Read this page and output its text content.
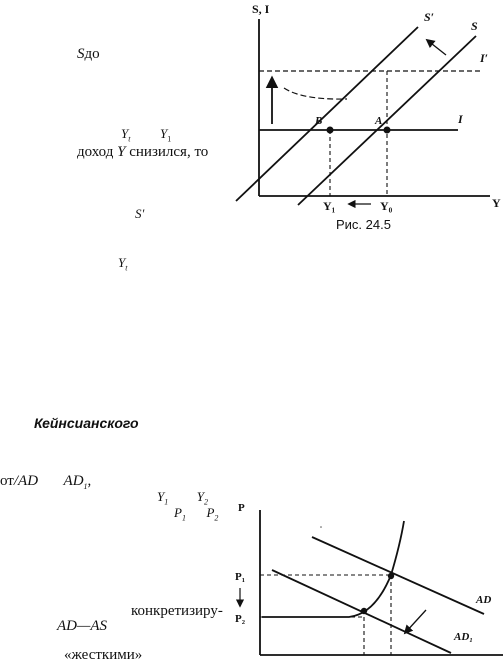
Sдо
$Y_t$ $Y_1$
доход Y снизился, то
S′
$Y_t$
Кейнсианского
от/AD $AD_1$,
$Y_1$ $Y_2$
$P_1$ $P_2$
конкретизиру-
AD—AS
«жесткими»
S, I
Y
S
S′
I
I′
B	A
Y₁	Y₀
Рис. 24.5
P
AD
AD₁
P₁
P₂
